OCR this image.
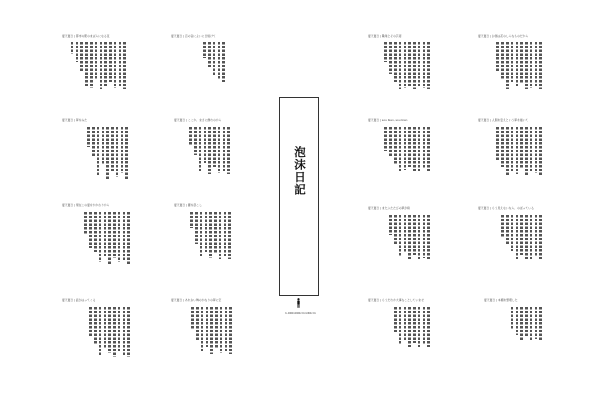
夏天夏日 | 都市の駅のまばらになる夜	夏天夏日 | 百の音によいに日焼けて	夏天夏日 | 職業とその芸術	夏天夏日 | お湯は花のしらなものだから
夏天夏日 | 夢をみた	夏天夏日 | ここか、まさに飾れのから	夏天夏日 | sou bien, sou bien	夏天夏日 | 人間を変えという夢を描いて
夏天夏日 | 現在この夏をかかわりから	夏天夏日 | 鍵を起こし
夏天夏日 | またふたたびの夢が時	夏天夏日 | もう見えないなら、のぼっている
夏天夏日 | 話がはってくる	夏天夏日 | あれおい舞のかなりの夢に空	夏天夏日 | もうだれか大事なことしていませ	夏天夏日 | 本棚を整理した
泡沫日記
1.000.000cm×60cm
